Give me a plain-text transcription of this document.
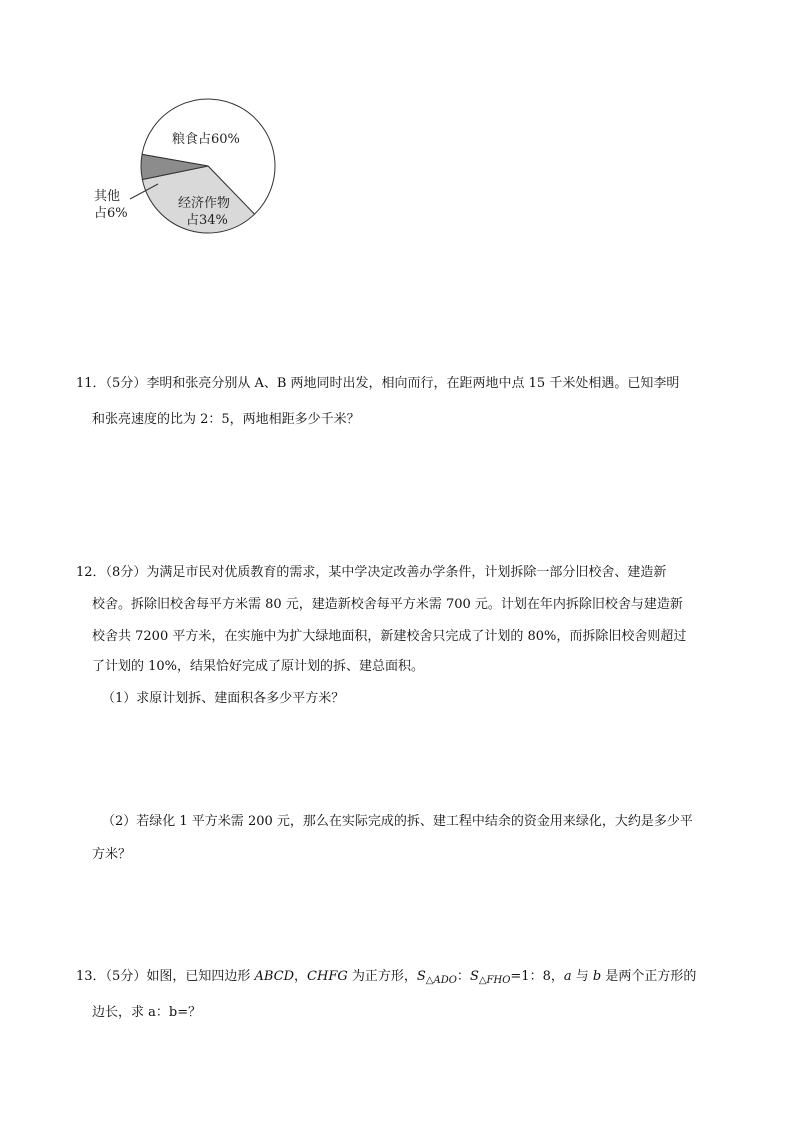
粮食占60%
经济作物
占34%
其他
占6%
11．（5分）李明和张亮分别从 A、B 两地同时出发，相向而行，在距两地中点 15 千米处相遇。已知李明
和张亮速度的比为 2：5，两地相距多少千米？
12．（8分）为满足市民对优质教育的需求，某中学决定改善办学条件，计划拆除一部分旧校舍、建造新
校舍。拆除旧校舍每平方米需 80 元，建造新校舍每平方米需 700 元。计划在年内拆除旧校舍与建造新
校舍共 7200 平方米，在实施中为扩大绿地面积，新建校舍只完成了计划的 80%，而拆除旧校舍则超过
了计划的 10%，结果恰好完成了原计划的拆、建总面积。
（1）求原计划拆、建面积各多少平方米？
（2）若绿化 1 平方米需 200 元，那么在实际完成的拆、建工程中结余的资金用来绿化，大约是多少平
方米？
13．（5分）如图，已知四边形 ABCD，CHFG 为正方形，$S_{\triangle ADO}$：$S_{\triangle FHO}=1$：8，a 与 b 是两个正方形的
边长，求 a：b=？
